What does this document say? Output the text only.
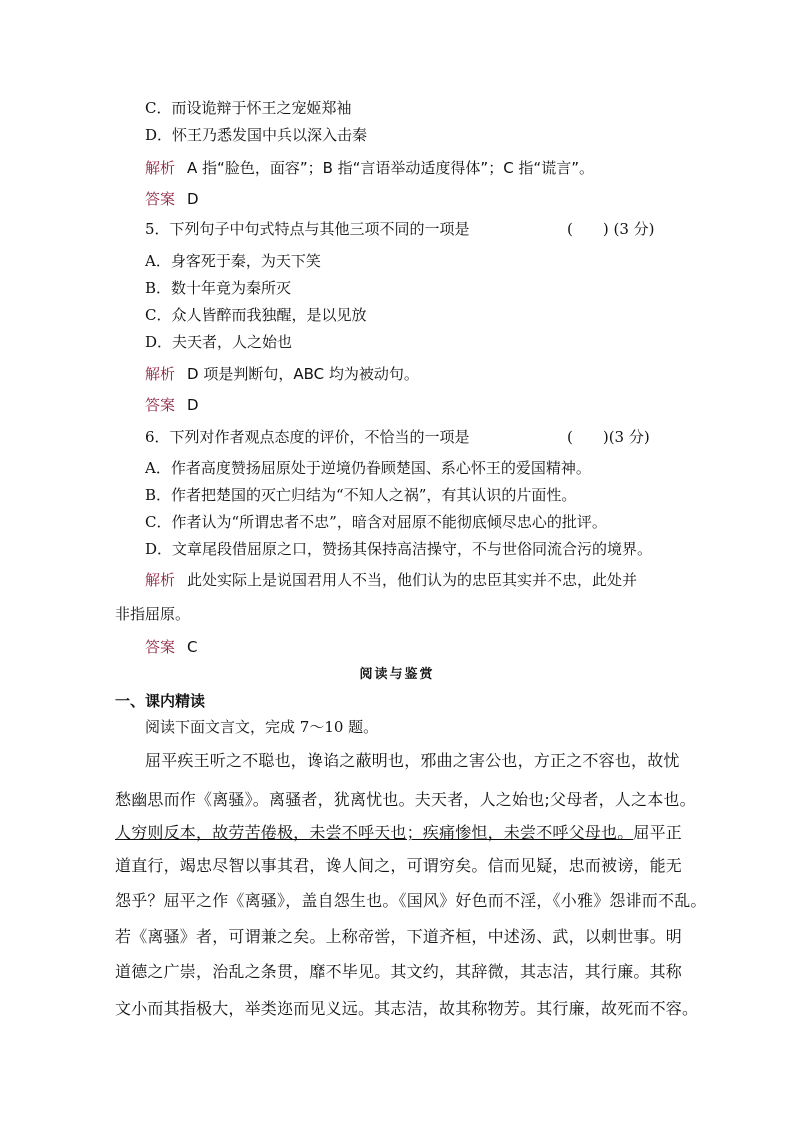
C．而设诡辩于怀王之宠姬郑袖
D．怀王乃悉发国中兵以深入击秦
解析 A 指“脸色，面容”；B 指“言语举动适度得体”；C 指“谎言”。
答案 D
5．下列句子中句式特点与其他三项不同的一项是	(　　) (3 分)
A．身客死于秦，为天下笑
B．数十年竟为秦所灭
C．众人皆醉而我独醒，是以见放
D．夫天者，人之始也
解析 D 项是判断句，ABC 均为被动句。
答案 D
6．下列对作者观点态度的评价，不恰当的一项是	(　　)(3 分)
A．作者高度赞扬屈原处于逆境仍眷顾楚国、系心怀王的爱国精神。
B．作者把楚国的灭亡归结为“不知人之祸”，有其认识的片面性。
C．作者认为“所谓忠者不忠”，暗含对屈原不能彻底倾尽忠心的批评。
D．文章尾段借屈原之口，赞扬其保持高洁操守，不与世俗同流合污的境界。
解析 此处实际上是说国君用人不当，他们认为的忠臣其实并不忠，此处并
非指屈原。
答案 C
阅读与鉴赏
一、课内精读
阅读下面文言文，完成 7～10 题。
屈平疾王听之不聪也，谗谄之蔽明也，邪曲之害公也，方正之不容也，故忧
愁幽思而作《离骚》。离骚者，犹离忧也。夫天者，人之始也;父母者，人之本也。
人穷则反本，故劳苦倦极，未尝不呼天也；疾痛惨怛，未尝不呼父母也。屈平正
道直行，竭忠尽智以事其君，谗人间之，可谓穷矣。信而见疑，忠而被谤，能无
怨乎？屈平之作《离骚》，盖自怨生也。《国风》好色而不淫，《小雅》怨诽而不乱。
若《离骚》者，可谓兼之矣。上称帝喾，下道齐桓，中述汤、武，以刺世事。明
道德之广崇，治乱之条贯，靡不毕见。其文约，其辞微，其志洁，其行廉。其称
文小而其指极大，举类迩而见义远。其志洁，故其称物芳。其行廉，故死而不容。
